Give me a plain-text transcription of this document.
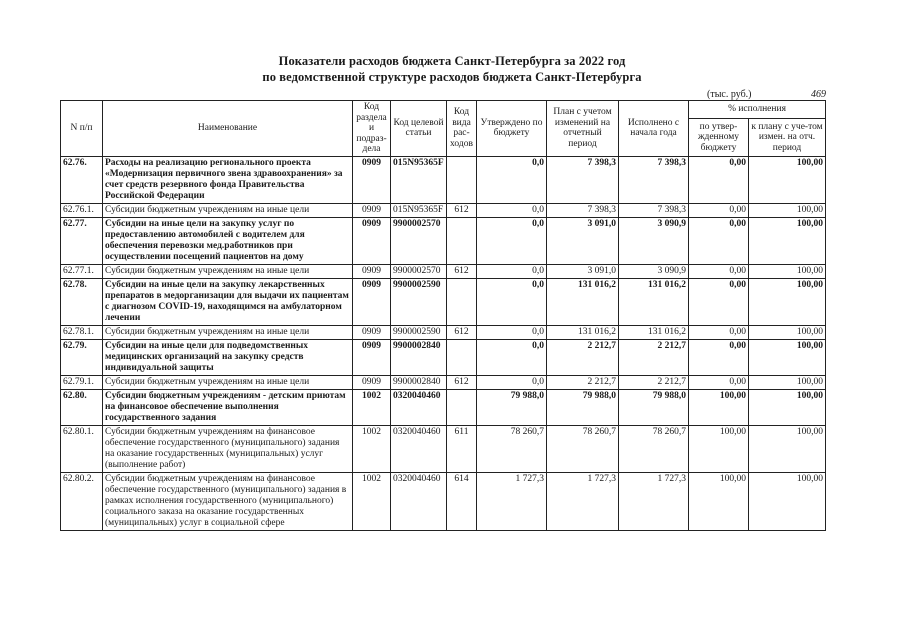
Показатели расходов бюджета Санкт-Петербурга за 2022 год
по ведомственной структуре расходов бюджета Санкт-Петербурга
(тыс. руб.)	469
N п/п	Наименование	Код раздела и подраз-дела	Код целевой статьи	Код вида рас-ходов	Утверждено по бюджету	План с учетом изменений на отчетный период	Исполнено с начала года	% исполнения	
								по утвер-жденному бюджету	к плану с уче-том измен. на отч. период
62.76.	Расходы на реализацию регионального проекта «Модернизация первичного звена здравоохранения» за счет средств резервного фонда Правительства Российской Федерации	0909	015N95365F		0,0	7 398,3	7 398,3	0,00	100,00
62.76.1.	Субсидии бюджетным учреждениям на иные цели	0909	015N95365F	612	0,0	7 398,3	7 398,3	0,00	100,00
62.77.	Субсидии на иные цели на закупку услуг по предоставлению автомобилей с водителем для обеспечения перевозки мед.работников при осуществлении посещений пациентов на дому	0909	9900002570		0,0	3 091,0	3 090,9	0,00	100,00
62.77.1.	Субсидии бюджетным учреждениям на иные цели	0909	9900002570	612	0,0	3 091,0	3 090,9	0,00	100,00
62.78.	Субсидии на иные цели на закупку лекарственных препаратов в медорганизации для выдачи их пациентам с диагнозом COVID-19, находящимся на амбулаторном лечении	0909	9900002590		0,0	131 016,2	131 016,2	0,00	100,00
62.78.1.	Субсидии бюджетным учреждениям на иные цели	0909	9900002590	612	0,0	131 016,2	131 016,2	0,00	100,00
62.79.	Субсидии на иные цели для подведомственных медицинских организаций на закупку средств индивидуальной защиты	0909	9900002840		0,0	2 212,7	2 212,7	0,00	100,00
62.79.1.	Субсидии бюджетным учреждениям на иные цели	0909	9900002840	612	0,0	2 212,7	2 212,7	0,00	100,00
62.80.	Субсидии бюджетным учреждениям - детским приютам на финансовое обеспечение выполнения государственного задания	1002	0320040460		79 988,0	79 988,0	79 988,0	100,00	100,00
62.80.1.	Субсидии бюджетным учреждениям на финансовое обеспечение государственного (муниципального) задания на оказание государственных (муниципальных) услуг (выполнение работ)	1002	0320040460	611	78 260,7	78 260,7	78 260,7	100,00	100,00
62.80.2.	Субсидии бюджетным учреждениям на финансовое обеспечение государственного (муниципального) задания в рамках исполнения государственного (муниципального) социального заказа на оказание государственных (муниципальных) услуг в социальной сфере	1002	0320040460	614	1 727,3	1 727,3	1 727,3	100,00	100,00
